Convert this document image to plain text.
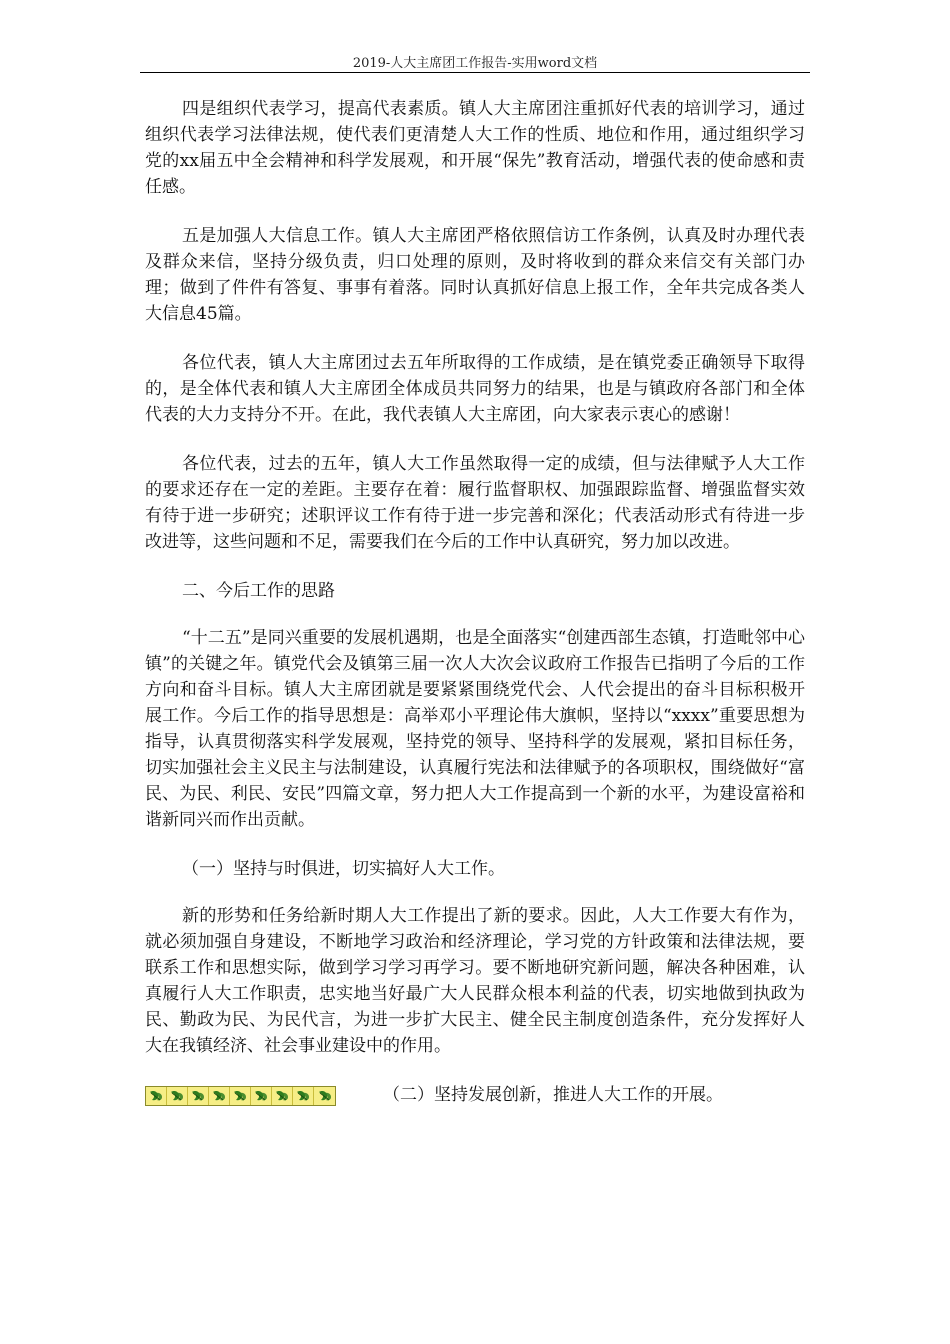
2019-人大主席团工作报告-实用word文档

四是组织代表学习，提高代表素质。镇人大主席团注重抓好代表的培训学习，通过组织代表学习法律法规，使代表们更清楚人大工作的性质、地位和作用，通过组织学习党的xx届五中全会精神和科学发展观，和开展“保先”教育活动，增强代表的使命感和责任感。

五是加强人大信息工作。镇人大主席团严格依照信访工作条例，认真及时办理代表及群众来信，坚持分级负责，归口处理的原则，及时将收到的群众来信交有关部门办理；做到了件件有答复、事事有着落。同时认真抓好信息上报工作，全年共完成各类人大信息45篇。

各位代表，镇人大主席团过去五年所取得的工作成绩，是在镇党委正确领导下取得的，是全体代表和镇人大主席团全体成员共同努力的结果，也是与镇政府各部门和全体代表的大力支持分不开。在此，我代表镇人大主席团，向大家表示衷心的感谢！

各位代表，过去的五年，镇人大工作虽然取得一定的成绩，但与法律赋予人大工作的要求还存在一定的差距。主要存在着：履行监督职权、加强跟踪监督、增强监督实效有待于进一步研究；述职评议工作有待于进一步完善和深化；代表活动形式有待进一步改进等，这些问题和不足，需要我们在今后的工作中认真研究，努力加以改进。

二、今后工作的思路

“十二五”是同兴重要的发展机遇期，也是全面落实“创建西部生态镇，打造毗邻中心镇”的关键之年。镇党代会及镇第三届一次人大次会议政府工作报告已指明了今后的工作方向和奋斗目标。镇人大主席团就是要紧紧围绕党代会、人代会提出的奋斗目标积极开展工作。今后工作的指导思想是：高举邓小平理论伟大旗帜，坚持以“xxxx”重要思想为指导，认真贯彻落实科学发展观，坚持党的领导、坚持科学的发展观，紧扣目标任务，切实加强社会主义民主与法制建设，认真履行宪法和法律赋予的各项职权，围绕做好“富民、为民、利民、安民”四篇文章，努力把人大工作提高到一个新的水平，为建设富裕和谐新同兴而作出贡献。

（一）坚持与时俱进，切实搞好人大工作。

新的形势和任务给新时期人大工作提出了新的要求。因此，人大工作要大有作为，就必须加强自身建设，不断地学习政治和经济理论，学习党的方针政策和法律法规，要联系工作和思想实际，做到学习学习再学习。要不断地研究新问题，解决各种困难，认真履行人大工作职责，忠实地当好最广大人民群众根本利益的代表，切实地做到执政为民、勤政为民、为民代言，为进一步扩大民主、健全民主制度创造条件，充分发挥好人大在我镇经济、社会事业建设中的作用。

（二）坚持发展创新，推进人大工作的开展。
